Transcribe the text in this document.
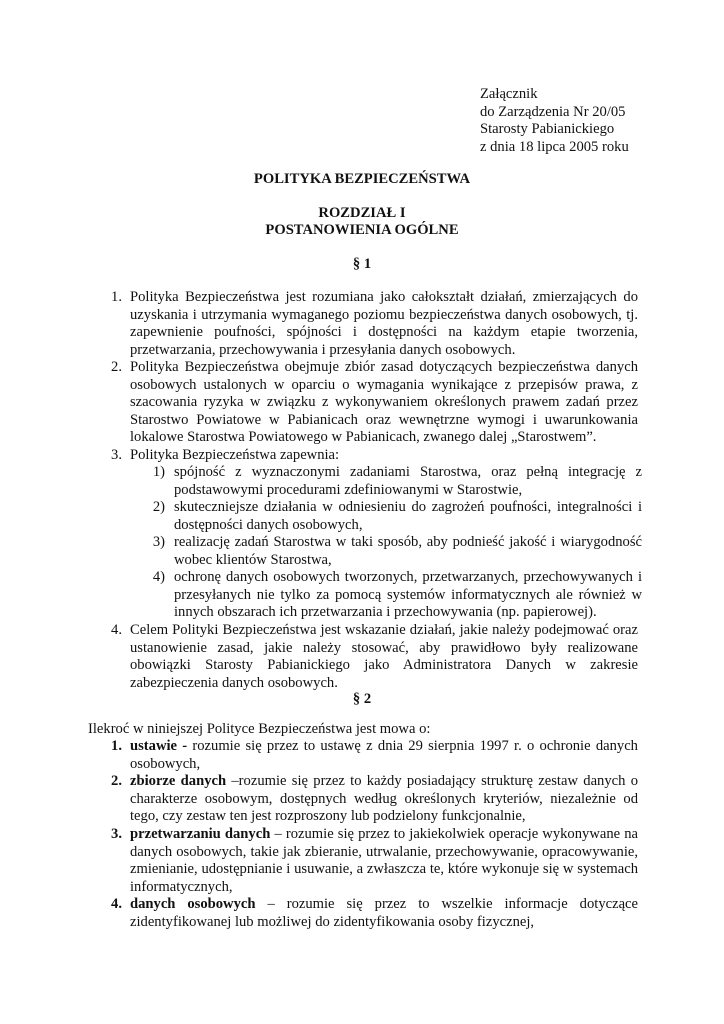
Załącznik
do Zarządzenia Nr 20/05
Starosty Pabianickiego
z dnia 18 lipca 2005 roku
POLITYKA BEZPIECZEŃSTWA
ROZDZIAŁ I
POSTANOWIENIA OGÓLNE
§ 1
1. Polityka Bezpieczeństwa jest rozumiana jako całokształt działań, zmierzających do uzyskania i utrzymania wymaganego poziomu bezpieczeństwa danych osobowych, tj. zapewnienie poufności, spójności i dostępności na każdym etapie tworzenia, przetwarzania, przechowywania i przesyłania danych osobowych.
2. Polityka Bezpieczeństwa obejmuje zbiór zasad dotyczących bezpieczeństwa danych osobowych ustalonych w oparciu o wymagania wynikające z przepisów prawa, z szacowania ryzyka w związku z wykonywaniem określonych prawem zadań przez Starostwo Powiatowe w Pabianicach oraz wewnętrzne wymogi i uwarunkowania lokalowe Starostwa Powiatowego w Pabianicach, zwanego dalej „Starostwem”.
3. Polityka Bezpieczeństwa zapewnia:
1) spójność z wyznaczonymi zadaniami Starostwa, oraz pełną integrację z podstawowymi procedurami zdefiniowanymi w Starostwie,
2) skuteczniejsze działania w odniesieniu do zagrożeń poufności, integralności i dostępności danych osobowych,
3) realizację zadań Starostwa w taki sposób, aby podnieść jakość i wiarygodność wobec klientów Starostwa,
4) ochronę danych osobowych tworzonych, przetwarzanych, przechowywanych i przesyłanych nie tylko za pomocą systemów informatycznych ale również w innych obszarach ich przetwarzania i przechowywania (np. papierowej).
4. Celem Polityki Bezpieczeństwa jest wskazanie działań, jakie należy podejmować oraz ustanowienie zasad, jakie należy stosować, aby prawidłowo były realizowane obowiązki Starosty Pabianickiego jako Administratora Danych w zakresie zabezpieczenia danych osobowych.
§ 2
Ilekroć w niniejszej Polityce Bezpieczeństwa jest mowa o:
1. ustawie - rozumie się przez to ustawę z dnia 29 sierpnia 1997 r. o ochronie danych osobowych,
2. zbiorze danych –rozumie się przez to każdy posiadający strukturę zestaw danych o charakterze osobowym, dostępnych według określonych kryteriów, niezależnie od tego, czy zestaw ten jest rozproszony lub podzielony funkcjonalnie,
3. przetwarzaniu danych – rozumie się przez to jakiekolwiek operacje wykonywane na danych osobowych, takie jak zbieranie, utrwalanie, przechowywanie, opracowywanie, zmienianie, udostępnianie i usuwanie, a zwłaszcza te, które wykonuje się w systemach informatycznych,
4. danych osobowych – rozumie się przez to wszelkie informacje dotyczące zidentyfikowanej lub możliwej do zidentyfikowania osoby fizycznej,
